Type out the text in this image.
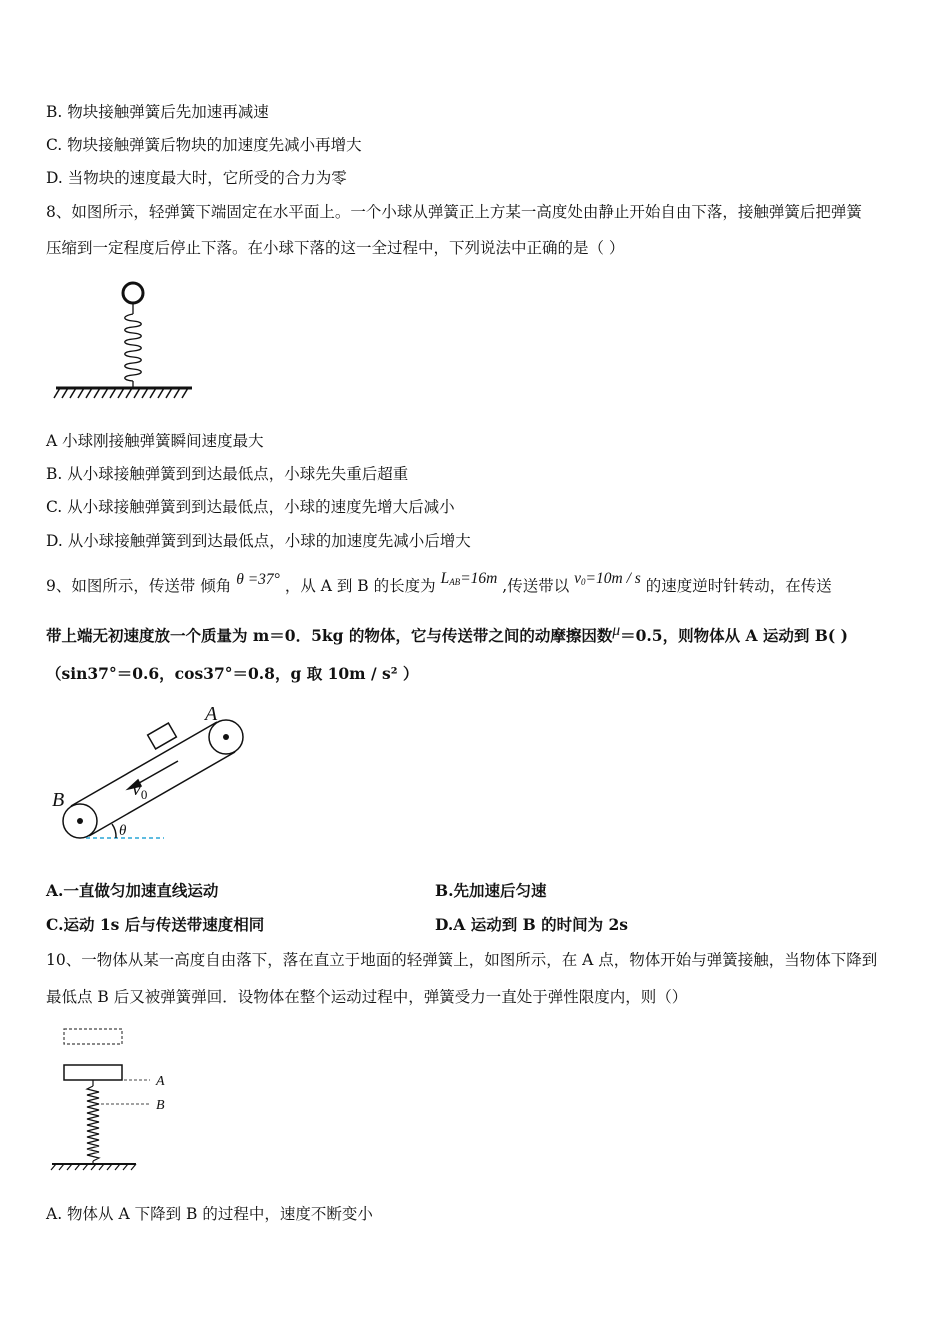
B. 物块接触弹簧后先加速再减速
C. 物块接触弹簧后物块的加速度先减小再增大
D. 当物块的速度最大时，它所受的合力为零
8、如图所示，轻弹簧下端固定在水平面上。一个小球从弹簧正上方某一高度处由静止开始自由下落，接触弹簧后把弹簧
压缩到一定程度后停止下落。在小球下落的这一全过程中，下列说法中正确的是（ ）
A 小球刚接触弹簧瞬间速度最大
B. 从小球接触弹簧到到达最低点，小球先失重后超重
C. 从小球接触弹簧到到达最低点，小球的速度先增大后减小
D. 从小球接触弹簧到到达最低点，小球的加速度先减小后增大
9、如图所示，传送带 倾角 θ =37° ，从 A 到 B 的长度为 $L_{AB}=16m$ ,传送带以 $v_0=10m / s$ 的速度逆时针转动，在传送
带上端无初速度放一个质量为 m＝0．5kg 的物体，它与传送带之间的动摩擦因数μ＝0.5，则物体从 A 运动到 B( )
（sin37°＝0.6，cos37°＝0.8，g 取 10m / s² ）
A
B	$v_0$
θ
A.一直做匀加速直线运动	B.先加速后匀速
C.运动 1s 后与传送带速度相同	D.A 运动到 B 的时间为 2s
10、一物体从某一高度自由落下，落在直立于地面的轻弹簧上，如图所示，在 A 点，物体开始与弹簧接触，当物体下降到
最低点 B 后又被弹簧弹回．设物体在整个运动过程中，弹簧受力一直处于弹性限度内，则（）
A
B
A. 物体从 A 下降到 B 的过程中，速度不断变小
